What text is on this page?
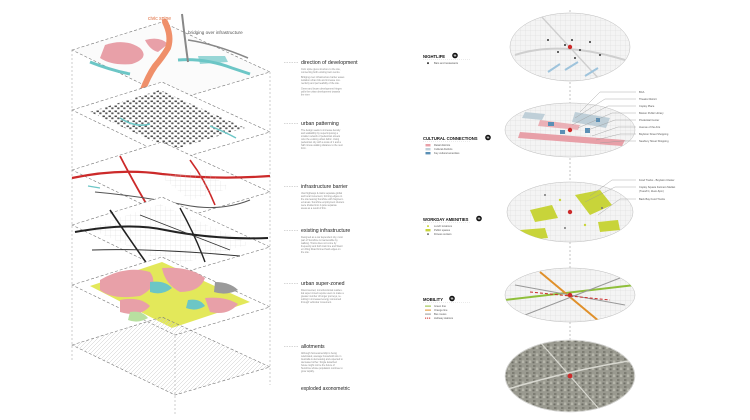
civic spine
bridging over infrastructure
direction of development
Civic spine gives structure to the site,
connecting both existing town centre.
Bridging over infrastructure barrier eases
isolation urban link and increase con-
nectivity and permeability of the site.
Green and brown development fringes
pulls the urban development towards
the river
urban patterning
The design seeks to increase density
and walkability by superimposing a
smaller network of pedestrian streets
onto the existing urban fabric. Using
pedestrian city with a scale of 1 and a
half minute walking distance to the next
form.
infrastructure barrier
Vast highways & trains separate global
and local movement, forming edges on
the site leaving Sunshine with fragment-
ed areas. Sunshine employment clusters
were divided into 4 quite separate
areas as a result of this.
existing infrastructure
Designed as a car dependent city, most
part of Sunshine is inaccessible by
walking. Trains does not come by
frequently and both train line and Westr
ern Ring Road formed hard edges on
the site.
urban super-zoned
Disconnected, monofunctional residen-
tial super zoned require users to make a
greater number of longer journeys, re-
sulting in increased energy consumed
through vehicular movement.
allotments
Although homeownership is being
celebrated, average household size in
Australia is decreasing and expected to
decrease further. Single detached
house might not be the future of
Sunshine whose population continue to
grow rapidly.
exploded axonometric
NIGHTLIFE
Bars and restaurants
CULTURAL CONNECTIONS
Retail districts
Cultural districts
Key cultural amenities
WORKDAY AMENITIES
Lunch locations
Public spaces
Fitness centers
MOBILITY
Green line
Orange line
Bus routes
Hubway stations
BCA
Theatre District
Copley Place
Boston Public Library
Prudential Center
Avenue of the Arts
Boylston Street Shopping
Newbury Street Shopping
Food Trucks - Boylston Cluster
Copley Square Farmers Market
(Tues/Fri, 11am-6pm)
Back Bay Food Trucks
